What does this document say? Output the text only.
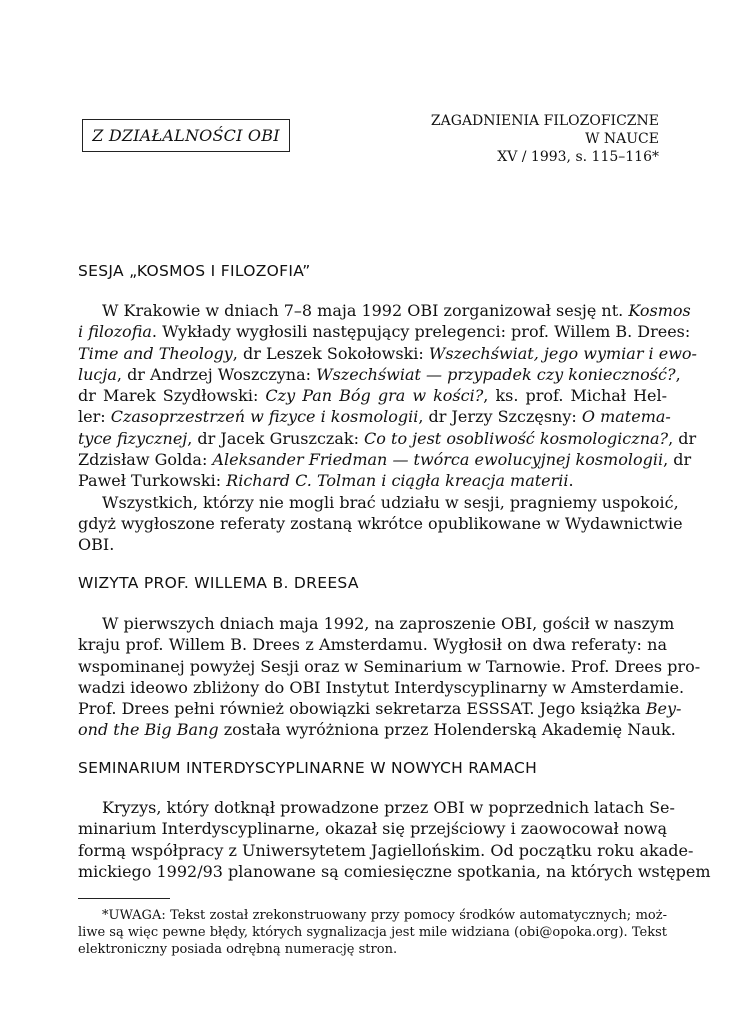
Z DZIAŁALNOŚCI OBI
ZAGADNIENIA FILOZOFICZNE
W NAUCE
XV / 1993, s. 115–116*
SESJA „KOSMOS I FILOZOFIA”
W Krakowie w dniach 7–8 maja 1992 OBI zorganizował sesję nt. Kosmos
i filozofia. Wykłady wygłosili następujący prelegenci: prof. Willem B. Drees:
Time and Theology, dr Leszek Sokołowski: Wszechświat, jego wymiar i ewo-
lucja, dr Andrzej Woszczyna: Wszechświat — przypadek czy konieczność?,
dr Marek Szydłowski: Czy Pan Bóg gra w kości?, ks. prof. Michał Hel-
ler: Czasoprzestrzeń w fizyce i kosmologii, dr Jerzy Szczęsny: O matema-
tyce fizycznej, dr Jacek Gruszczak: Co to jest osobliwość kosmologiczna?, dr
Zdzisław Golda: Aleksander Friedman — twórca ewolucyjnej kosmologii, dr
Paweł Turkowski: Richard C. Tolman i ciągła kreacja materii.
Wszystkich, którzy nie mogli brać udziału w sesji, pragniemy uspokoić,
gdyż wygłoszone referaty zostaną wkrótce opublikowane w Wydawnictwie
OBI.
WIZYTA PROF. WILLEMA B. DREESA
W pierwszych dniach maja 1992, na zaproszenie OBI, gościł w naszym
kraju prof. Willem B. Drees z Amsterdamu. Wygłosił on dwa referaty: na
wspominanej powyżej Sesji oraz w Seminarium w Tarnowie. Prof. Drees pro-
wadzi ideowo zbliżony do OBI Instytut Interdyscyplinarny w Amsterdamie.
Prof. Drees pełni również obowiązki sekretarza ESSSAT. Jego książka Bey-
ond the Big Bang została wyróżniona przez Holenderską Akademię Nauk.
SEMINARIUM INTERDYSCYPLINARNE W NOWYCH RAMACH
Kryzys, który dotknął prowadzone przez OBI w poprzednich latach Se-
minarium Interdyscyplinarne, okazał się przejściowy i zaowocował nową
formą współpracy z Uniwersytetem Jagiellońskim. Od początku roku akade-
mickiego 1992/93 planowane są comiesięczne spotkania, na których wstępem
*UWAGA: Tekst został zrekonstruowany przy pomocy środków automatycznych; moż-
liwe są więc pewne błędy, których sygnalizacja jest mile widziana (obi@opoka.org). Tekst
elektroniczny posiada odrębną numerację stron.
